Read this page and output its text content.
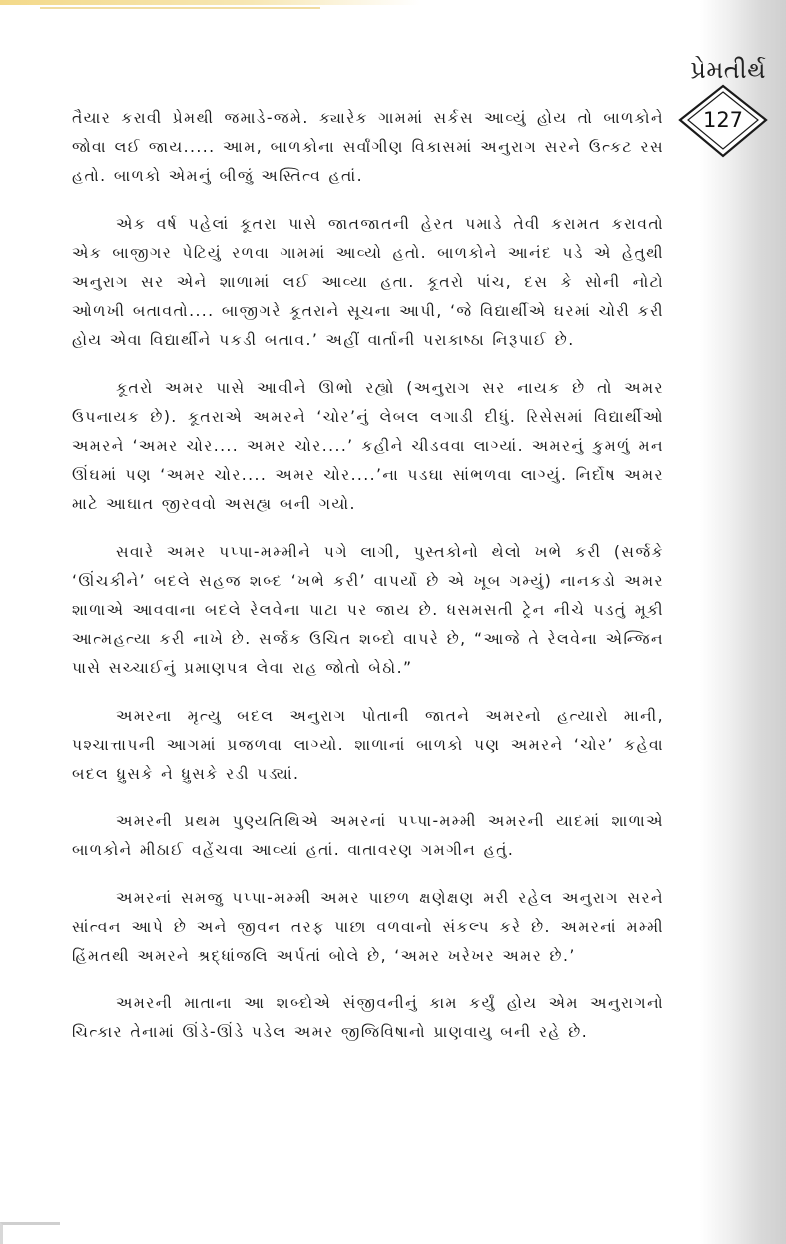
પ્રેમતીર્થ
127

તૈયાર કરાવી પ્રેમથી જમાડે-જમે. ક્યારેક ગામમાં સર્કસ આવ્યું હોય તો બાળકોને જોવા લઈ જાય..... આમ, બાળકોના સર્વાંગીણ વિકાસમાં અનુરાગ સરને ઉત્કટ રસ હતો. બાળકો એમનું બીજું અસ્તિત્વ હતાં.

એક વર્ષ પહેલાં કૂતરા પાસે જાતજાતની હેરત પમાડે તેવી કરામત કરાવતો એક બાજીગર પેટિયું રળવા ગામમાં આવ્યો હતો. બાળકોને આનંદ પડે એ હેતુથી અનુરાગ સર એને શાળામાં લઈ આવ્યા હતા. કૂતરો પાંચ, દસ કે સોની નોટો ઓળખી બતાવતો.... બાજીગરે કૂતરાને સૂચના આપી, ‘જે વિદ્યાર્થીએ ઘરમાં ચોરી કરી હોય એવા વિદ્યાર્થીને પકડી બતાવ.’ અહીં વાર્તાની પરાકાષ્ઠા નિરૂપાઈ છે.

કૂતરો અમર પાસે આવીને ઊભો રહ્યો (અનુરાગ સર નાયક છે તો અમર ઉપનાયક છે). કૂતરાએ અમરને ‘ચોર’નું લેબલ લગાડી દીધું. રિસેસમાં વિદ્યાર્થીઓ અમરને ‘અમર ચોર.... અમર ચોર....’ કહીને ચીડવવા લાગ્યાં. અમરનું કુમળું મન ઊંઘમાં પણ ‘અમર ચોર.... અમર ચોર....’ના પડઘા સાંભળવા લાગ્યું. નિર્દોષ અમર માટે આઘાત જીરવવો અસહ્ય બની ગયો.

સવારે અમર પપ્પા-મમ્મીને પગે લાગી, પુસ્તકોનો થેલો ખભે કરી (સર્જકે ‘ઊંચકીને’ બદલે સહજ શબ્દ ‘ખભે કરી’ વાપર્યો છે એ ખૂબ ગમ્યું) નાનકડો અમર શાળાએ આવવાના બદલે રેલવેના પાટા પર જાય છે. ધસમસતી ટ્રેન નીચે પડતું મૂકી આત્મહત્યા કરી નાખે છે. સર્જક ઉચિત શબ્દો વાપરે છે, “આજે તે રેલવેના એન્જિન પાસે સચ્ચાઈનું પ્રમાણપત્ર લેવા રાહ જોતો બેઠો.”

અમરના મૃત્યુ બદલ અનુરાગ પોતાની જાતને અમરનો હત્યારો માની, પશ્ચાત્તાપની આગમાં પ્રજળવા લાગ્યો. શાળાનાં બાળકો પણ અમરને ‘ચોર’ કહેવા બદલ ધ્રુસકે ને ધ્રુસકે રડી પડ્યાં.

અમરની પ્રથમ પુણ્યતિથિએ અમરનાં પપ્પા-મમ્મી અમરની યાદમાં શાળાએ બાળકોને મીઠાઈ વહેંચવા આવ્યાં હતાં. વાતાવરણ ગમગીન હતું.

અમરનાં સમજુ પપ્પા-મમ્મી અમર પાછળ ક્ષણેક્ષણ મરી રહેલ અનુરાગ સરને સાંત્વન આપે છે અને જીવન તરફ પાછા વળવાનો સંકલ્પ કરે છે. અમરનાં મમ્મી હિંમતથી અમરને શ્રદ્ધાંજલિ અર્પતાં બોલે છે, ‘અમર ખરેખર અમર છે.’

અમરની માતાના આ શબ્દોએ સંજીવનીનું કામ કર્યું હોય એમ અનુરાગનો ચિત્કાર તેનામાં ઊંડે-ઊંડે પડેલ અમર જીજિવિષાનો પ્રાણવાયુ બની રહે છે.
